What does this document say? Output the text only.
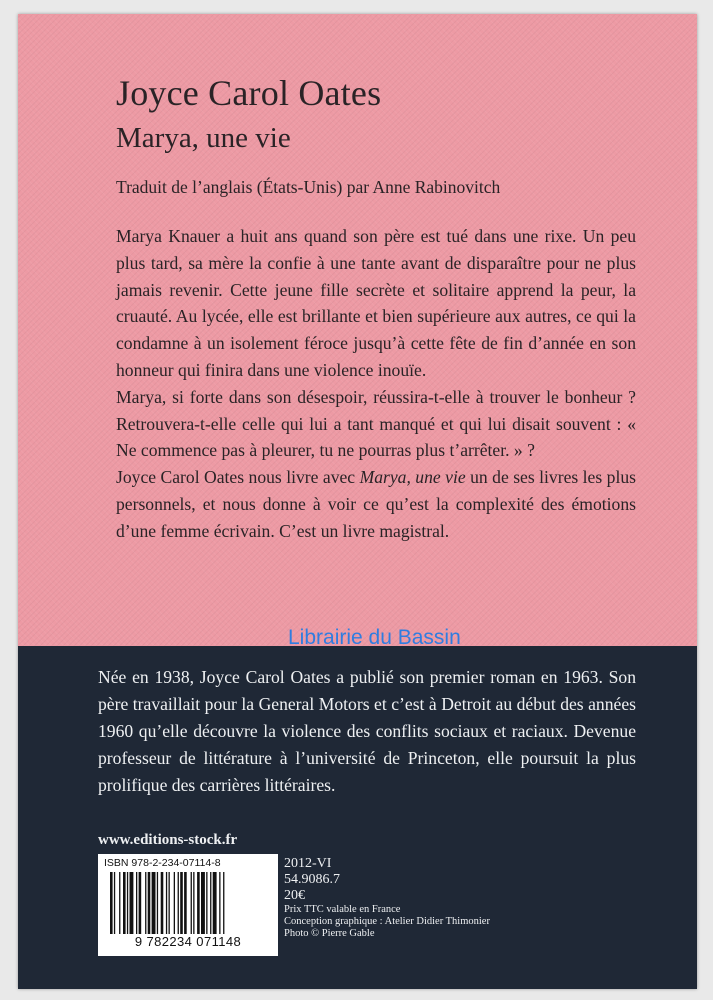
Joyce Carol Oates
Marya, une vie
Traduit de l’anglais (États-Unis) par Anne Rabinovitch

Marya Knauer a huit ans quand son père est tué dans une rixe. Un peu plus tard, sa mère la confie à une tante avant de disparaître pour ne plus jamais revenir. Cette jeune fille secrète et solitaire apprend la peur, la cruauté. Au lycée, elle est brillante et bien supérieure aux autres, ce qui la condamne à un isolement féroce jusqu’à cette fête de fin d’année en son honneur qui finira dans une violence inouïe.

Marya, si forte dans son désespoir, réussira-t-elle à trouver le bonheur ? Retrouvera-t-elle celle qui lui a tant manqué et qui lui disait souvent : « Ne commence pas à pleurer, tu ne pourras plus t’arrêter. » ?

Joyce Carol Oates nous livre avec Marya, une vie un de ses livres les plus personnels, et nous donne à voir ce qu’est la complexité des émotions d’une femme écrivain. C’est un livre magistral.

Librairie du Bassin
Née en 1938, Joyce Carol Oates a publié son premier roman en 1963. Son père travaillait pour la General Motors et c’est à Detroit au début des années 1960 qu’elle découvre la violence des conflits sociaux et raciaux. Devenue professeur de littérature à l’université de Princeton, elle poursuit la plus prolifique des carrières littéraires.
www.editions-stock.fr
ISBN 978-2-234-07114-8
9 782234 071148
2012-VI
54.9086.7
20€
Prix TTC valable en France
Conception graphique : Atelier Didier Thimonier
Photo © Pierre Gable
